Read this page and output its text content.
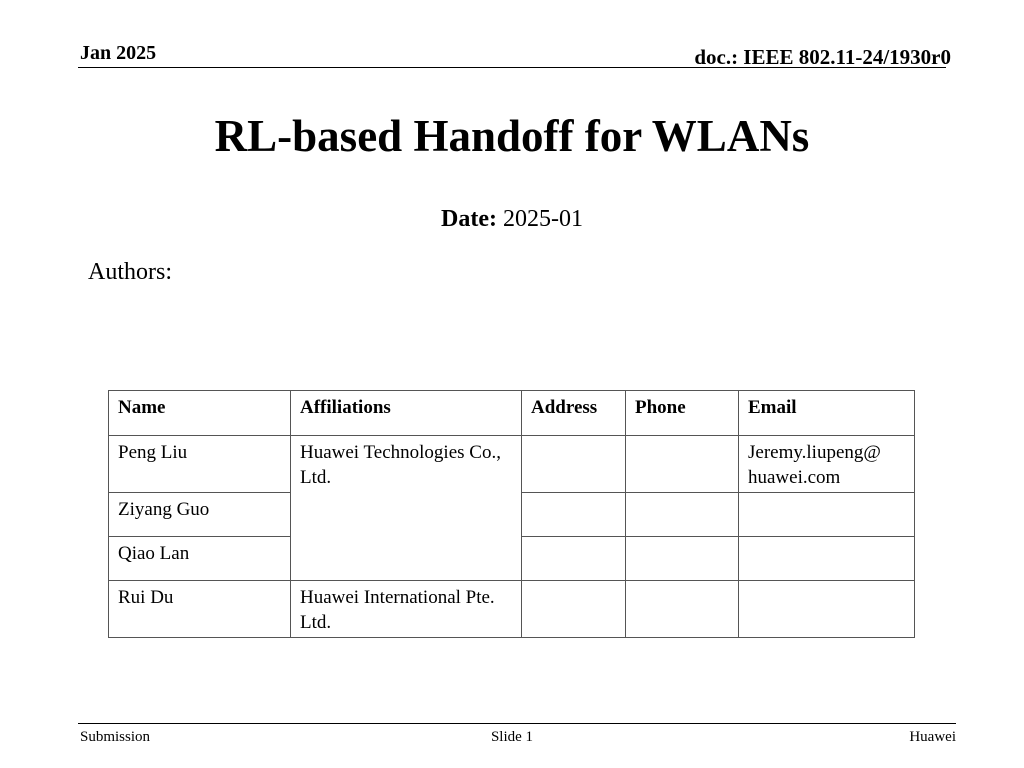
Jan 2025	doc.: IEEE 802.11-24/1930r0
RL-based Handoff for WLANs
Date: 2025-01
Authors:
Name	Affiliations	Address	Phone	Email
Peng Liu	Huawei Technologies Co., Ltd.			Jeremy.liupeng@ huawei.com
Ziyang Guo				
Qiao Lan				
Rui Du	Huawei International Pte. Ltd.			
Submission	Slide 1	Huawei
